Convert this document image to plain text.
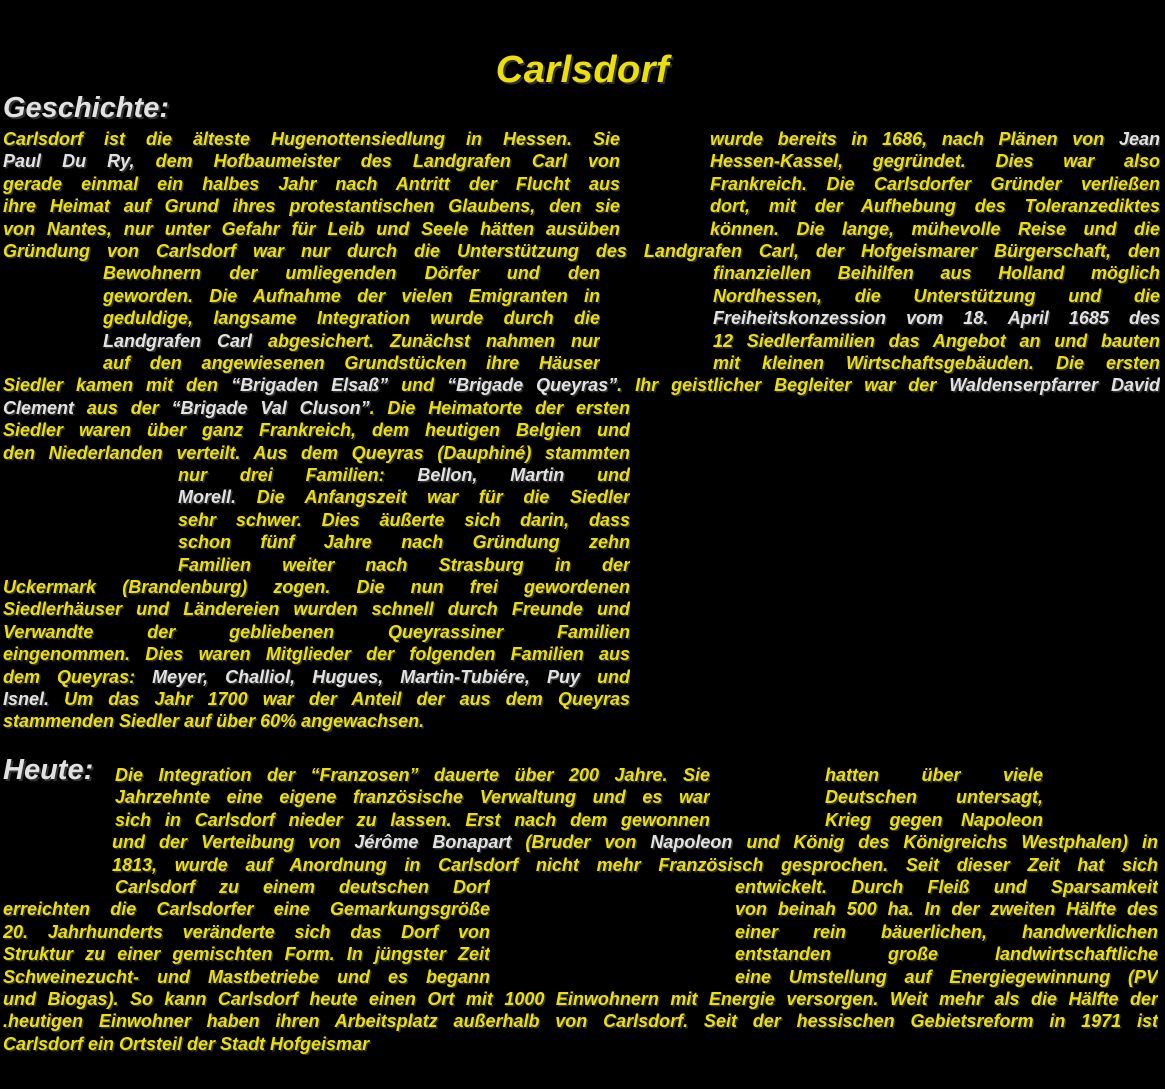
Carlsdorf
Geschichte:
Heute:
Carlsdorf ist die älteste Hugenottensiedlung in Hessen. Sie	wurde bereits in 1686, nach Plänen von Jean
Paul Du Ry, dem Hofbaumeister des Landgrafen Carl von	Hessen-Kassel, gegründet. Dies war also
gerade einmal ein halbes Jahr nach Antritt der Flucht aus	Frankreich. Die Carlsdorfer Gründer verließen
ihre Heimat auf Grund ihres protestantischen Glaubens, den sie	dort, mit der Aufhebung des Toleranzediktes
von Nantes, nur unter Gefahr für Leib und Seele hätten ausüben	können. Die lange, mühevolle Reise und die
Gründung von Carlsdorf war nur durch die Unterstützung des Landgrafen Carl, der Hofgeismarer Bürgerschaft, den
Bewohnern der umliegenden Dörfer und den	finanziellen Beihilfen aus Holland möglich
geworden. Die Aufnahme der vielen Emigranten in	Nordhessen, die Unterstützung und die
geduldige, langsame Integration wurde durch die	Freiheitskonzession vom 18. April 1685 des
Landgrafen Carl abgesichert. Zunächst nahmen nur	12 Siedlerfamilien das Angebot an und bauten
auf den angewiesenen Grundstücken ihre Häuser	mit kleinen Wirtschaftsgebäuden. Die ersten
Siedler kamen mit den “Brigaden Elsaß” und “Brigade Queyras”. Ihr geistlicher Begleiter war der Waldenserpfarrer David
Clement aus der “Brigade Val Cluson”. Die Heimatorte der ersten
Siedler waren über ganz Frankreich, dem heutigen Belgien und
den Niederlanden verteilt. Aus dem Queyras (Dauphiné) stammten
nur drei Familien: Bellon, Martin und
Morell. Die Anfangszeit war für die Siedler
sehr schwer. Dies äußerte sich darin, dass
schon fünf Jahre nach Gründung zehn
Familien weiter nach Strasburg in der
Uckermark (Brandenburg) zogen. Die nun frei gewordenen
Siedlerhäuser und Ländereien wurden schnell durch Freunde und
Verwandte der gebliebenen Queyrassiner Familien
eingenommen. Dies waren Mitglieder der folgenden Familien aus
dem Queyras: Meyer, Challiol, Hugues, Martin-Tubiére, Puy und
Isnel. Um das Jahr 1700 war der Anteil der aus dem Queyras
stammenden Siedler auf über 60% angewachsen.
Die Integration der “Franzosen” dauerte über 200 Jahre. Sie	hatten über viele
Jahrzehnte eine eigene französische Verwaltung und es war	Deutschen untersagt,
sich in Carlsdorf nieder zu lassen. Erst nach dem gewonnen	Krieg gegen Napoleon
und der Verteibung von Jérôme Bonapart (Bruder von Napoleon und König des Königreichs Westphalen) in
1813, wurde auf Anordnung in Carlsdorf nicht mehr Französisch gesprochen. Seit dieser Zeit hat sich
Carlsdorf zu einem deutschen Dorf	entwickelt. Durch Fleiß und Sparsamkeit
erreichten die Carlsdorfer eine Gemarkungsgröße	von beinah 500 ha. In der zweiten Hälfte des
20. Jahrhunderts veränderte sich das Dorf von	einer rein bäuerlichen, handwerklichen
Struktur zu einer gemischten Form. In jüngster Zeit	entstanden große landwirtschaftliche
Schweinezucht- und Mastbetriebe und es begann	eine Umstellung auf Energiegewinnung (PV
und Biogas). So kann Carlsdorf heute einen Ort mit 1000 Einwohnern mit Energie versorgen. Weit mehr als die Hälfte der
.heutigen Einwohner haben ihren Arbeitsplatz außerhalb von Carlsdorf. Seit der hessischen Gebietsreform in 1971 ist
Carlsdorf ein Ortsteil der Stadt Hofgeismar
